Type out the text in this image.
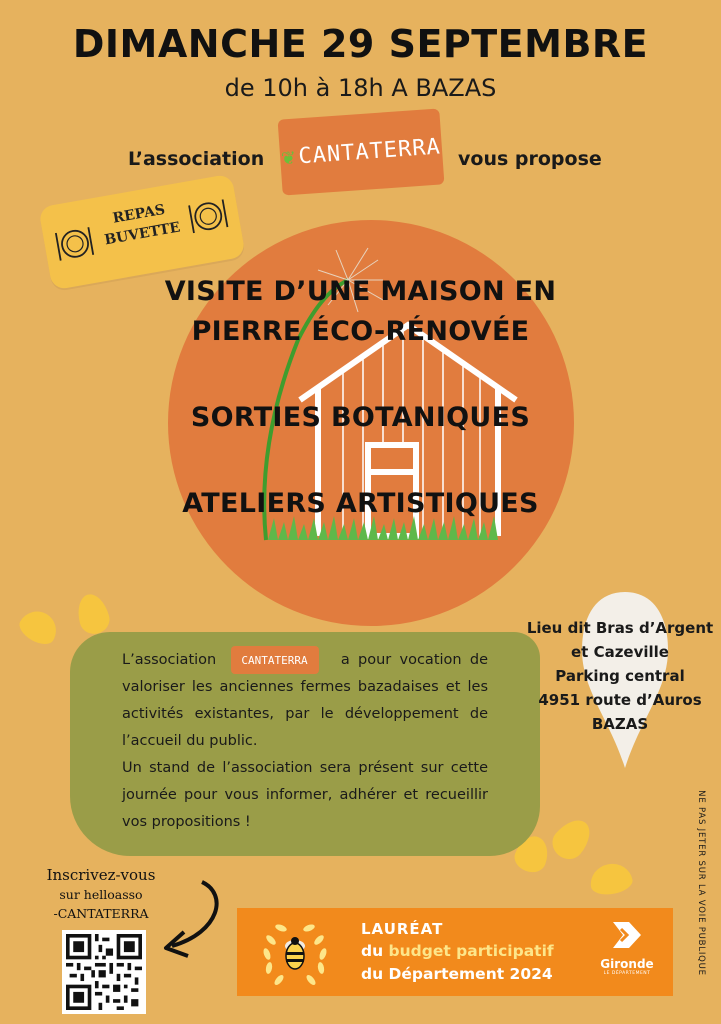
DIMANCHE 29 SEPTEMBRE
de 10h à 18h A BAZAS
L’association ❦ CANTATERRA vous propose
REPAS
BUVETTE
VISITE D’UNE MAISON EN
PIERRE ÉCO-RÉNOVÉE
SORTIES BOTANIQUES
ATELIERS ARTISTIQUES

L’association CANTATERRA a pour vocation de valoriser les anciennes fermes bazadaises et les activités existantes, par le développement de l’accueil du public.

Un stand de l’association sera présent sur cette journée pour vous informer, adhérer et recueillir vos propositions !

Lieu dit Bras d’Argent
et Cazeville
Parking central
4951 route d’Auros
BAZAS
NE PAS JETER SUR LA VOIE PUBLIQUE
Inscrivez-vous
sur helloasso
-CANTATERRA
LAURÉAT
du budget participatif
du Département 2024
Gironde
LE DÉPARTEMENT
